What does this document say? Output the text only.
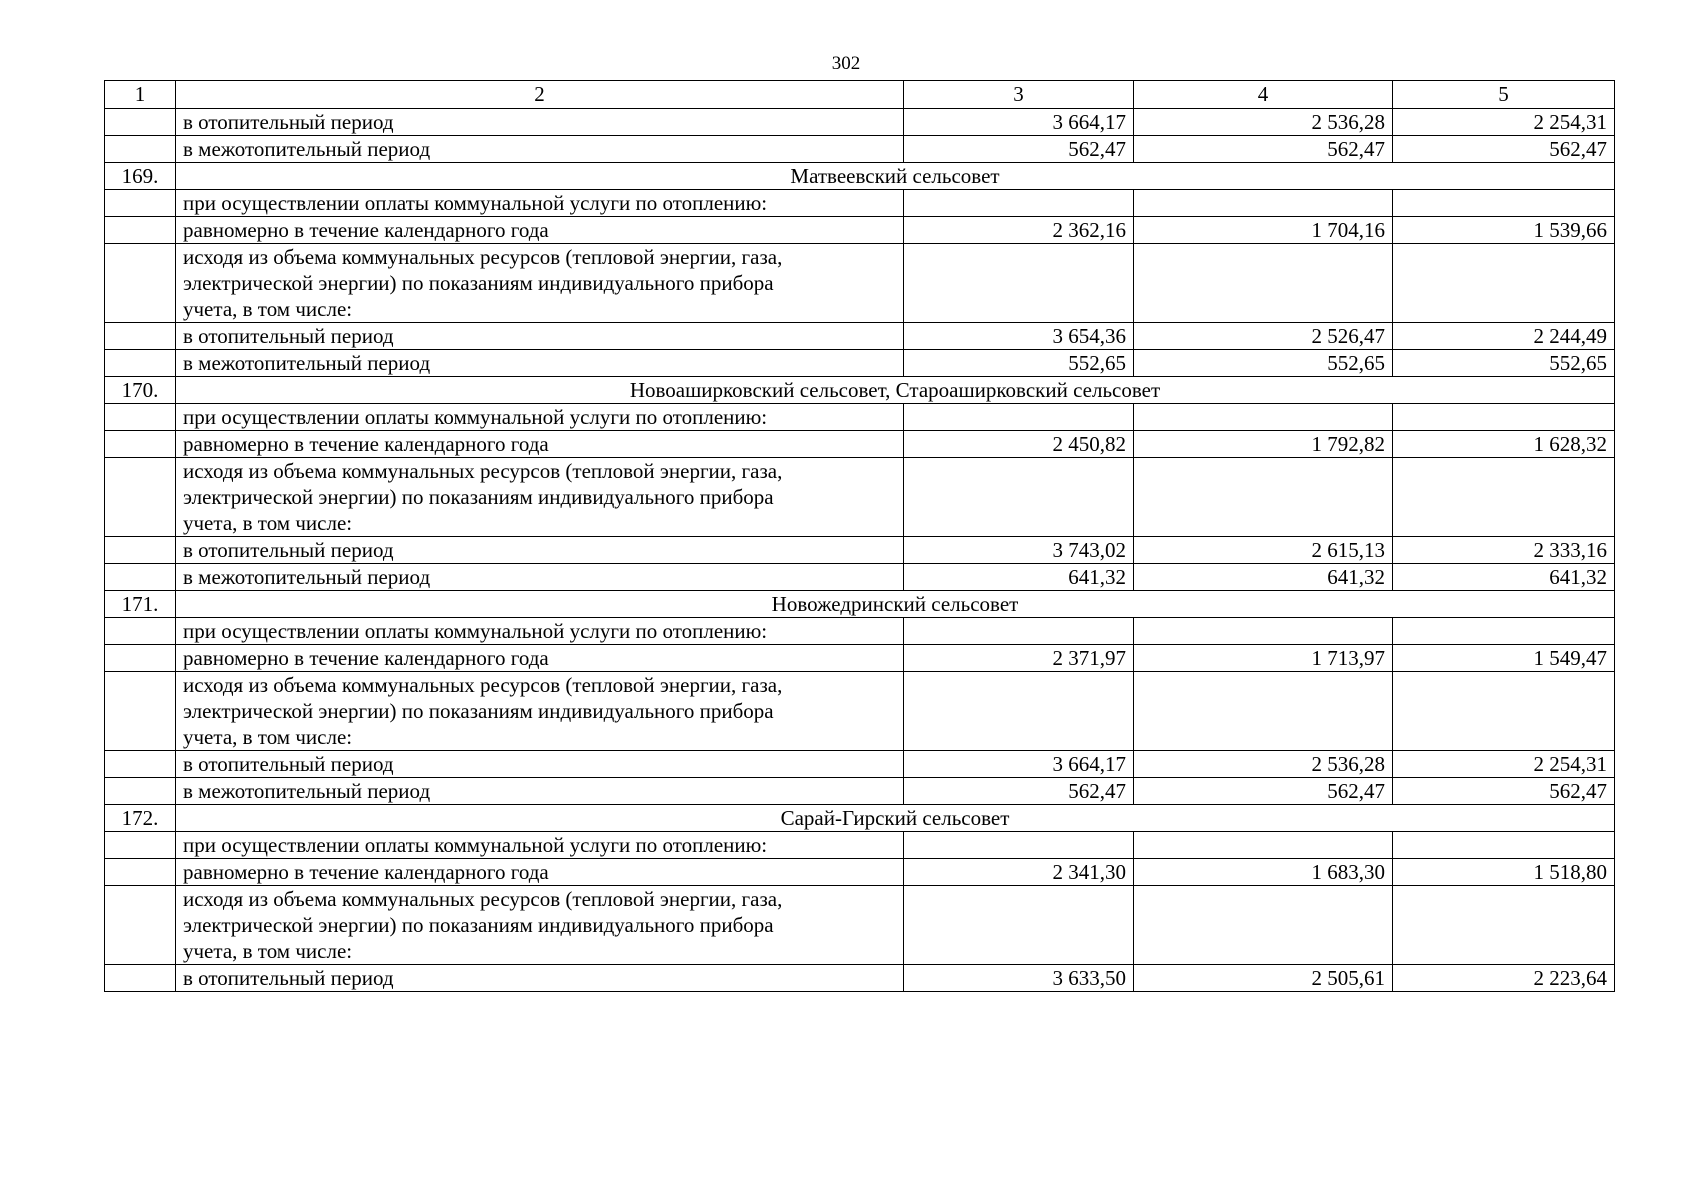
302
1	2	3	4	5
	в отопительный период	3 664,17	2 536,28	2 254,31
	в межотопительный период	562,47	562,47	562,47
169.	Матвеевский сельсовет			
	при осуществлении оплаты коммунальной услуги по отоплению:			
	равномерно в течение календарного года	2 362,16	1 704,16	1 539,66

	исходя из объема коммунальных ресурсов (тепловой энергии, газа,
электрической энергии) по показаниям индивидуального прибора
учета, в том числе:			

	в отопительный период	3 654,36	2 526,47	2 244,49
	в межотопительный период	552,65	552,65	552,65
170.	Новоаширковский сельсовет, Староаширковский сельсовет			
	при осуществлении оплаты коммунальной услуги по отоплению:			
	равномерно в течение календарного года	2 450,82	1 792,82	1 628,32

	исходя из объема коммунальных ресурсов (тепловой энергии, газа,
электрической энергии) по показаниям индивидуального прибора
учета, в том числе:			

	в отопительный период	3 743,02	2 615,13	2 333,16
	в межотопительный период	641,32	641,32	641,32
171.	Новожедринский сельсовет			
	при осуществлении оплаты коммунальной услуги по отоплению:			
	равномерно в течение календарного года	2 371,97	1 713,97	1 549,47

	исходя из объема коммунальных ресурсов (тепловой энергии, газа,
электрической энергии) по показаниям индивидуального прибора
учета, в том числе:			

	в отопительный период	3 664,17	2 536,28	2 254,31
	в межотопительный период	562,47	562,47	562,47
172.	Сарай-Гирский сельсовет			
	при осуществлении оплаты коммунальной услуги по отоплению:			
	равномерно в течение календарного года	2 341,30	1 683,30	1 518,80

	исходя из объема коммунальных ресурсов (тепловой энергии, газа,
электрической энергии) по показаниям индивидуального прибора
учета, в том числе:			

	в отопительный период	3 633,50	2 505,61	2 223,64
